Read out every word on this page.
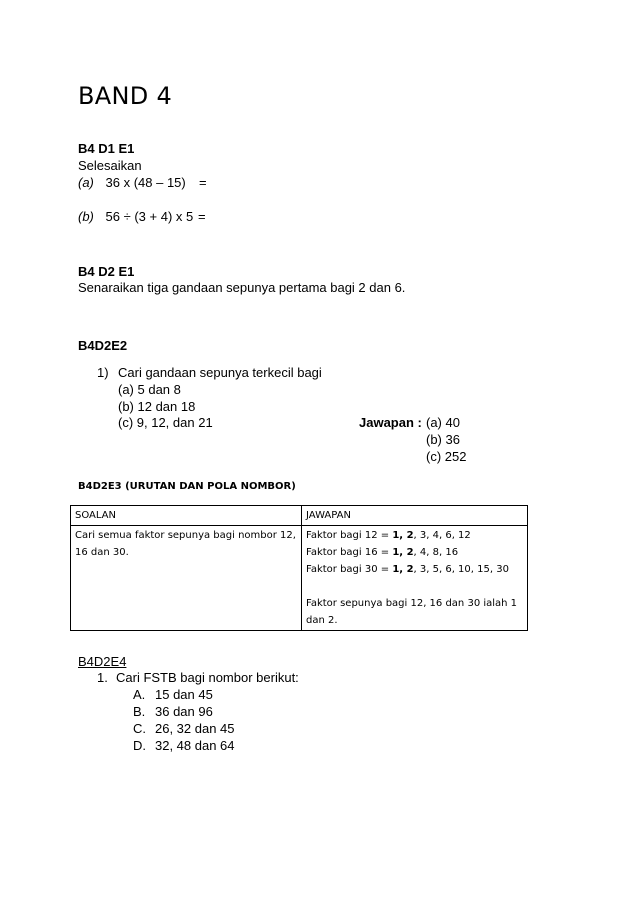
BAND 4
B4 D1 E1
Selesaikan
(a) 36 x (48 – 15) =
(b) 56 ÷ (3 + 4) x 5 =
B4 D2 E1
Senaraikan tiga gandaan sepunya pertama bagi 2 dan 6.
B4D2E2
1) Cari gandaan sepunya terkecil bagi
(a) 5 dan 8
(b) 12 dan 18
(c) 9, 12, dan 21	Jawapan : (a) 40
(b) 36
(c) 252
B4D2E3 (URUTAN DAN POLA NOMBOR)
SOALAN	JAWAPAN

Cari semua faktor sepunya bagi nombor 12,
16 dan 30.	Faktor bagi 12 = 1, 2, 3, 4, 6, 12
Faktor bagi 16 = 1, 2, 4, 8, 16
Faktor bagi 30 = 1, 2, 3, 5, 6, 10, 15, 30
Faktor sepunya bagi 12, 16 dan 30 ialah 1
dan 2.
B4D2E4
1. Cari FSTB bagi nombor berikut:
A. 15 dan 45
B. 36 dan 96
C. 26, 32 dan 45
D. 32, 48 dan 64
